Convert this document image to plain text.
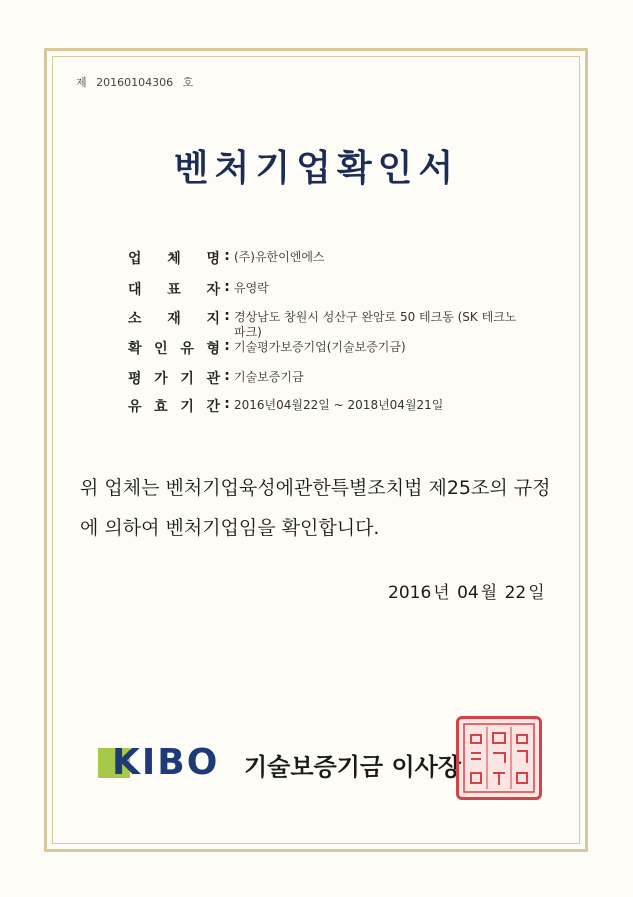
제 20160104306 호
벤처기업확인서
업 체 명 : (주)유한이엔에스
대 표 자 : 유영락
소 재 지 : 경상남도 창원시 성산구 완암로 50 테크동 (SK 테크노파크)
확 인 유 형 : 기술평가보증기업(기술보증기금)
평 가 기 관 : 기술보증기금
유 효 기 간 : 2016년04월22일 ~ 2018년04월21일
위 업체는 벤처기업육성에관한특별조치법 제25조의 규정에 의하여 벤처기업임을 확인합니다.
2016 년 04 월 22 일
KIBO 기술보증기금 이사장
